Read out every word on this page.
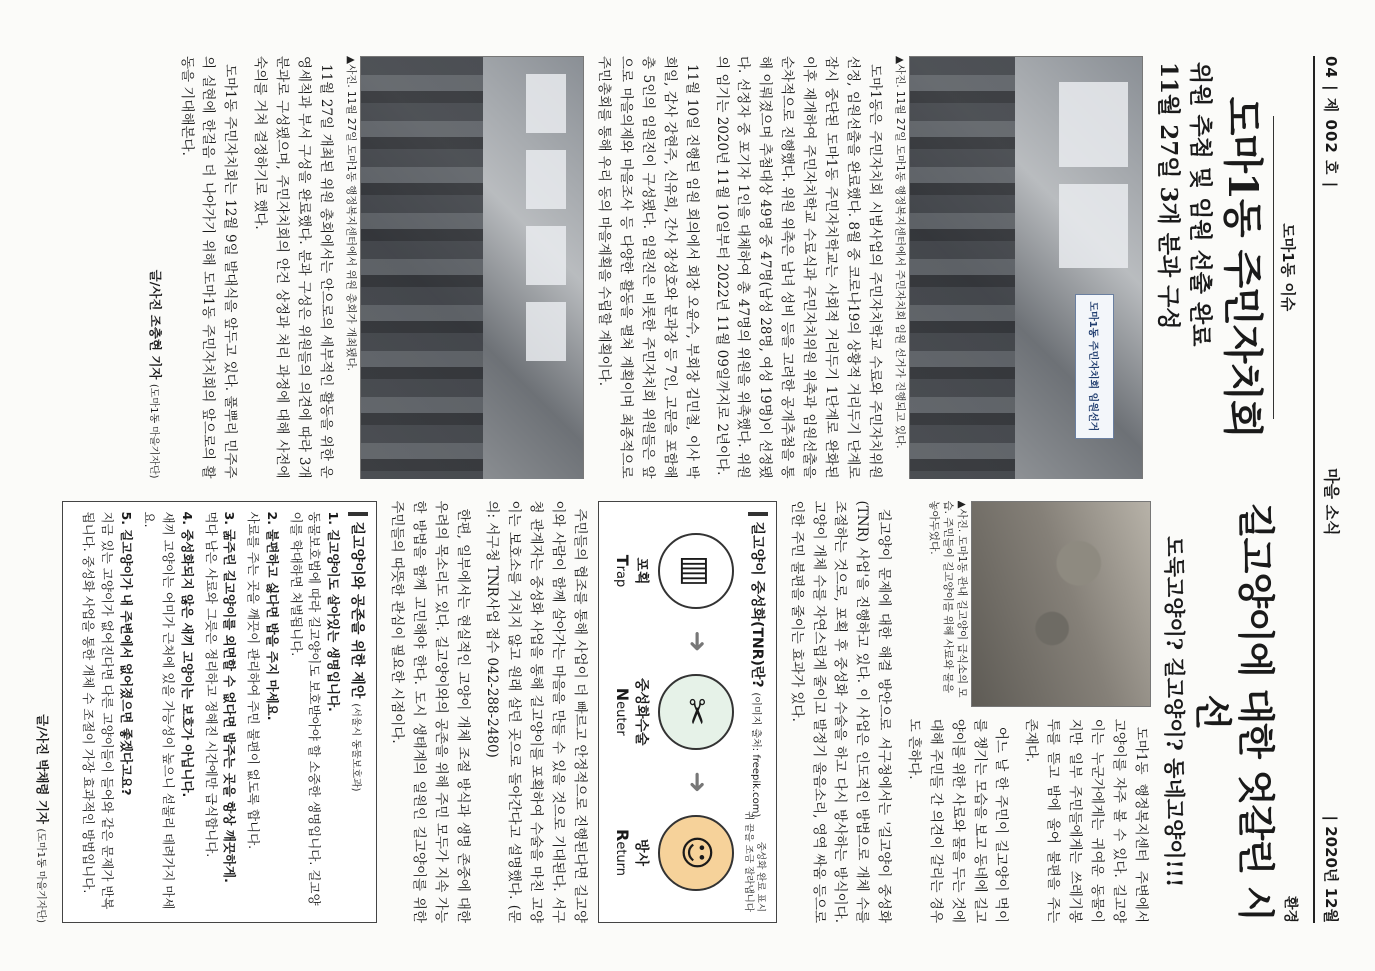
04 | 제 002 호 |
마을 소식
| 2020년 12월
도마1동 이슈
도마1동 주민자치회
위원 추첨 및 임원 선출 완료
11월 27일 3개 분과 구성
도마1동 주민자치회 임원선거
▲사진. 11월 27일 도마1동 행정복지센터에서 주민자치회 임원 선거가 진행되고 있다.

도마1동은 주민자치회 시범사업의 주민자치학교 수료와 주민자치위원 선정, 임원선출을 완료했다. 8월 중 코로나19의 상황적 거리두기 단계로 잠시 중단된 도마1동 주민자치학교는 사회적 거리두기 1단계로 완화된 이후 재개하여 주민자치학교 수료식과 주민자치위원 위촉과 임원선출을 순차적으로 진행했다. 위원 위촉은 남녀 성비 등을 고려한 공개추첨을 통해 이뤄졌으며 추첨대상 49명 중 47명(남성 28명, 여성 19명)이 선정됐다. 선정자 중 포기자 1인을 대체하여 총 47명의 위원을 위촉했다. 위원의 임기는 2020년 11월 10일부터 2022년 11월 09일까지로 2년이다.

11월 10일 진행된 임원 회의에서 회장 오윤수, 부회장 김민철, 이사 박희일, 감사 강현주, 신유희, 간사 장성호와 분과장 등 7인, 고문을 포함해 총 5인의 임원진이 구성됐다. 임원진은 비롯한 주민자치회 위원들은 앞으로 마을의제와 마을조사 등 다양한 활동을 펼쳐 계획이며 최종적으로 주민총회를 통해 우리 동의 마을계획을 수립할 계획이다.

▲사진. 11월 27일 도마1동 행정복지센터에서 위원 총회가 개최됐다.

11월 27일 개최된 위원 총회에서는 안으로의 세부적인 활동을 위한 운영세칙과 부서 구성을 완료했다. 분과 구성은 위원들의 의견에 따라 3개 분과로 구성됐으며, 주민자치회의 안건 상정과 처리 과정에 대해 사전에 숙의를 거쳐 결정하기로 했다.

도마1동 주민자치회는 12월 9일 발대식을 앞두고 있다. 풀뿌리 민주주의 실현에 한걸음 더 나아가기 위해 도마1동 주민자치회의 앞으로의 활동을 기대해본다.

글/사진 조충현 기자 (도마1동 마을기자단)
환경
길고양이에 대한 엇갈린 시선
도둑고양이? 길고양이? 동네고양이!!!
▲사진. 도마1동 관내 길고양이 급식소의 모습. 주민들이 길고양이를 위해 사료와 물을 놓아두었다.

도마1동 행정복지센터 주변에서 고양이를 자주 볼 수 있다. 길고양이는 누군가에게는 귀여운 동물이지만 일부 주민들에게는 쓰레기봉투를 뜯고 밤에 울어 불편을 주는 존재다.

어느 날 한 주민이 길고양이 먹이를 챙기는 모습을 보고 동네에 길고양이를 위한 사료와 물을 두는 것에 대해 주민들 간 의견이 갈리는 경우도 흔하다.

길고양이 문제에 대한 해결 방안으로 서구청에서는 '길고양이 중성화(TNR) 사업'을 진행하고 있다. 이 사업은 인도적인 방법으로 개체 수를 조절하는 것으로, 포획 후 중성화 수술을 하고 다시 방사하는 방식이다. 고양이 개체 수를 자연스럽게 줄이고 발정기 울음소리, 영역 싸움 등으로 인한 주민 불편을 줄이는 효과가 있다.

길고양이 중성화(TNR)란? (이미지 출처: freepik.com)
중성화 완료 표시
귀 끝을 조금 잘라냅니다
▥
포획
Trap
➜
✂
중성화수술
Neuter
➜
☺
방사
Return

주민들의 협조를 통해 사업이 더 빠르고 안정적으로 진행된다면 길고양이와 사람이 함께 살아가는 마을을 만들 수 있을 것으로 기대된다. 서구청 관계자는 중성화 사업을 통해 길고양이를 포획하여 수술을 마친 고양이는 보호소를 거치지 않고 원래 살던 곳으로 돌아간다고 설명했다. (문의: 서구청 TNR사업 접수 042-288-2480)

한편, 일부에서는 현실적인 고양이 개체 조절 방식과 생명 존중에 대한 우려의 목소리도 있다. 길고양이와의 공존을 위해 주민 모두가 지속 가능한 방법을 함께 고민해야 한다. 도시 생태계의 일원인 길고양이를 위한 주민들의 따뜻한 관심이 필요한 시점이다.

길고양이와 공존을 위한 제안 (서울시 동물보호과)
1. 길고양이도 살아있는 생명입니다.
동물보호법에 따라 길고양이도 보호받아야 할 소중한 생명입니다. 길고양이를 학대하면 처벌됩니다.
2. 불편하고 싫다면 밥을 주지 마세요.
사료를 주는 곳을 깨끗이 관리하여 주민 불편이 없도록 합니다.
3. 굶주린 길고양이를 외면할 수 없다면 밥주는 곳을 항상 깨끗하게.
먹다 남은 사료와 그릇은 정리하고 정해진 시간에만 급식합니다.
4. 중성화되지 않은 새끼 고양이는 보호가 아닙니다.
새끼 고양이는 어미가 근처에 있을 가능성이 높으니 섣불리 데려가지 마세요.
5. 길고양이가 내 주변에서 없어졌으면 좋겠다고요?
지금 있는 고양이가 없어진다면 다른 고양이들이 들어와 같은 문제가 반복됩니다. 중성화 사업을 통한 개체 수 조절이 가장 효과적인 방법입니다.
글/사진 박채령 기자 (도마1동 마을기자단)
